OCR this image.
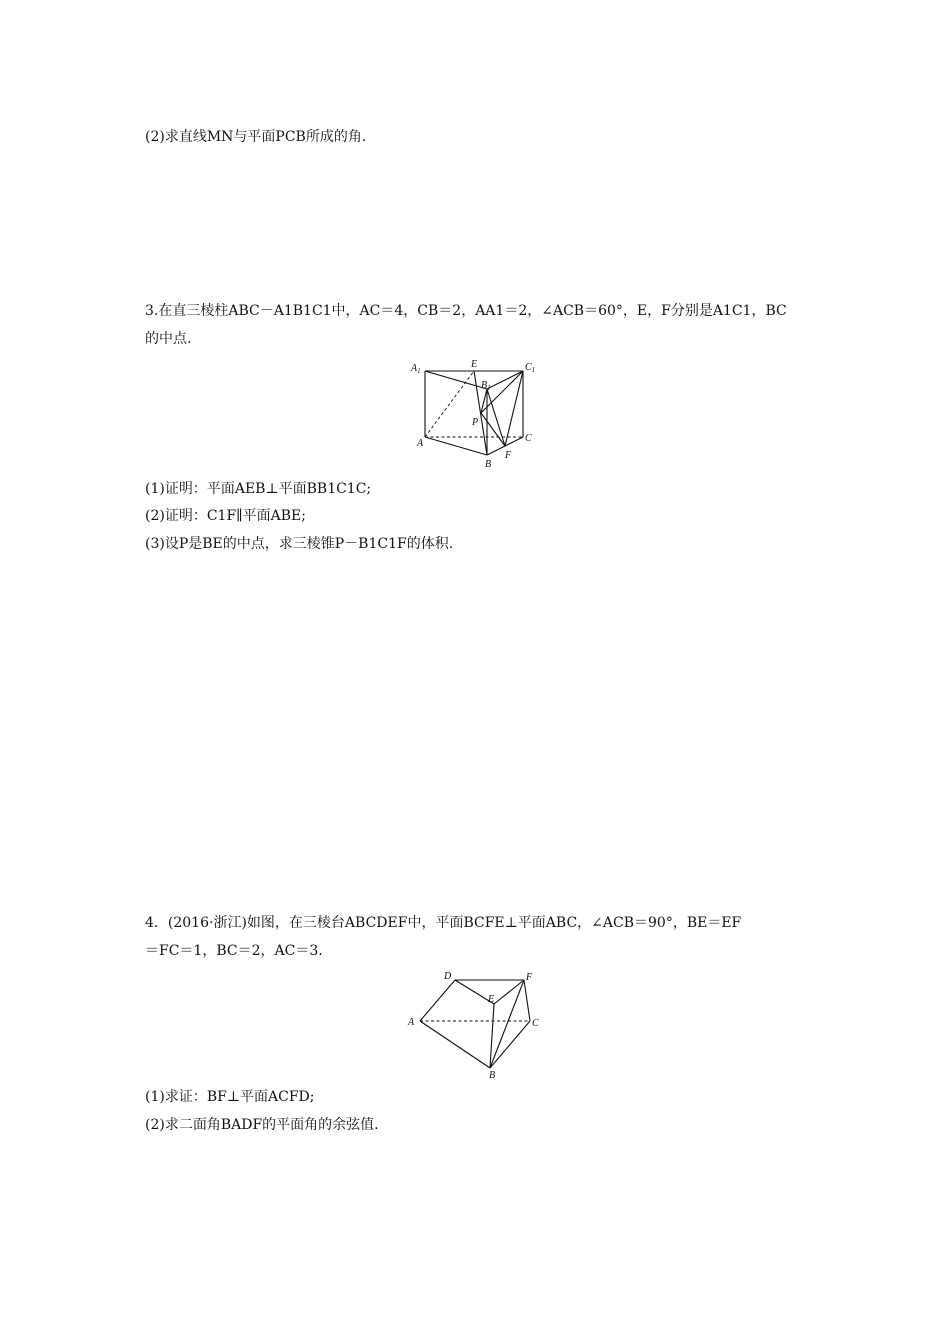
(2)求直线MN与平面PCB所成的角.
3.在直三棱柱ABC－A1B1C1中，AC＝4，CB＝2，AA1＝2，∠ACB＝60°，E，F分别是A1C1，BC
的中点.
$A_1$
E
$B_1$
$C_1$
P
A
B
C
F
(1)证明：平面AEB⊥平面BB1C1C;
(2)证明：C1F∥平面ABE;
(3)设P是BE的中点，求三棱锥P－B1C1F的体积.
4．(2016·浙江)如图，在三棱台ABCDEF中，平面BCFE⊥平面ABC，∠ACB＝90°，BE＝EF
＝FC＝1，BC＝2，AC＝3.
D	F
E
A	C
B
(1)求证：BF⊥平面ACFD;
(2)求二面角BADF的平面角的余弦值.
